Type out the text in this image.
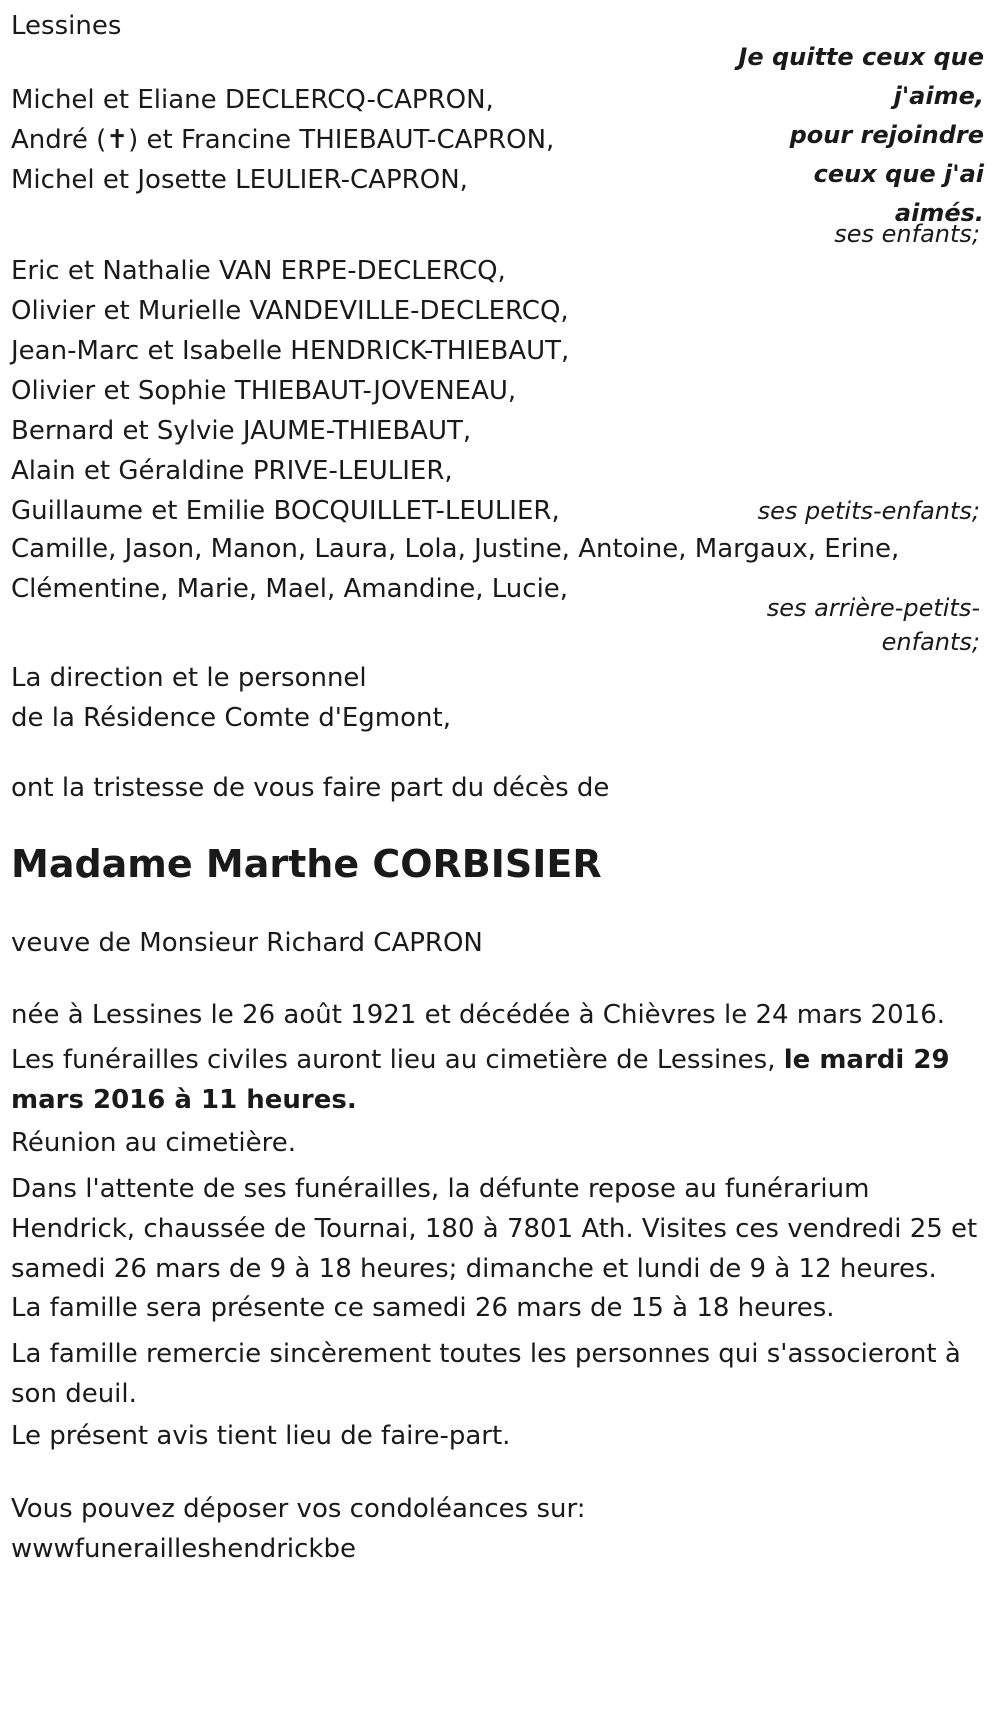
Lessines
Michel et Eliane DECLERCQ-CAPRON,
André (✝) et Francine THIEBAUT-CAPRON,
Michel et Josette LEULIER-CAPRON,
ses enfants;
Eric et Nathalie VAN ERPE-DECLERCQ,
Olivier et Murielle VANDEVILLE-DECLERCQ,
Jean-Marc et Isabelle HENDRICK-THIEBAUT,
Olivier et Sophie THIEBAUT-JOVENEAU,
Bernard et Sylvie JAUME-THIEBAUT,
Alain et Géraldine PRIVE-LEULIER,
Guillaume et Emilie BOCQUILLET-LEULIER,	ses petits-enfants;
Camille, Jason, Manon, Laura, Lola, Justine, Antoine, Margaux, Erine,
Clémentine, Marie, Mael, Amandine, Lucie,
ses arrière-petits-
enfants;
La direction et le personnel
de la Résidence Comte d'Egmont,
ont la tristesse de vous faire part du décès de
Madame Marthe CORBISIER
veuve de Monsieur Richard CAPRON
née à Lessines le 26 août 1921 et décédée à Chièvres le 24 mars 2016.
Les funérailles civiles auront lieu au cimetière de Lessines, le mardi 29
mars 2016 à 11 heures.
Réunion au cimetière.
Dans l'attente de ses funérailles, la défunte repose au funérarium
Hendrick, chaussée de Tournai, 180 à 7801 Ath. Visites ces vendredi 25 et
samedi 26 mars de 9 à 18 heures; dimanche et lundi de 9 à 12 heures.
La famille sera présente ce samedi 26 mars de 15 à 18 heures.
La famille remercie sincèrement toutes les personnes qui s'associeront à
son deuil.
Le présent avis tient lieu de faire-part.
Vous pouvez déposer vos condoléances sur:
wwwfunerailleshendrickbe
Je quitte ceux que
j'aime,
pour rejoindre
ceux que j'ai
aimés.
